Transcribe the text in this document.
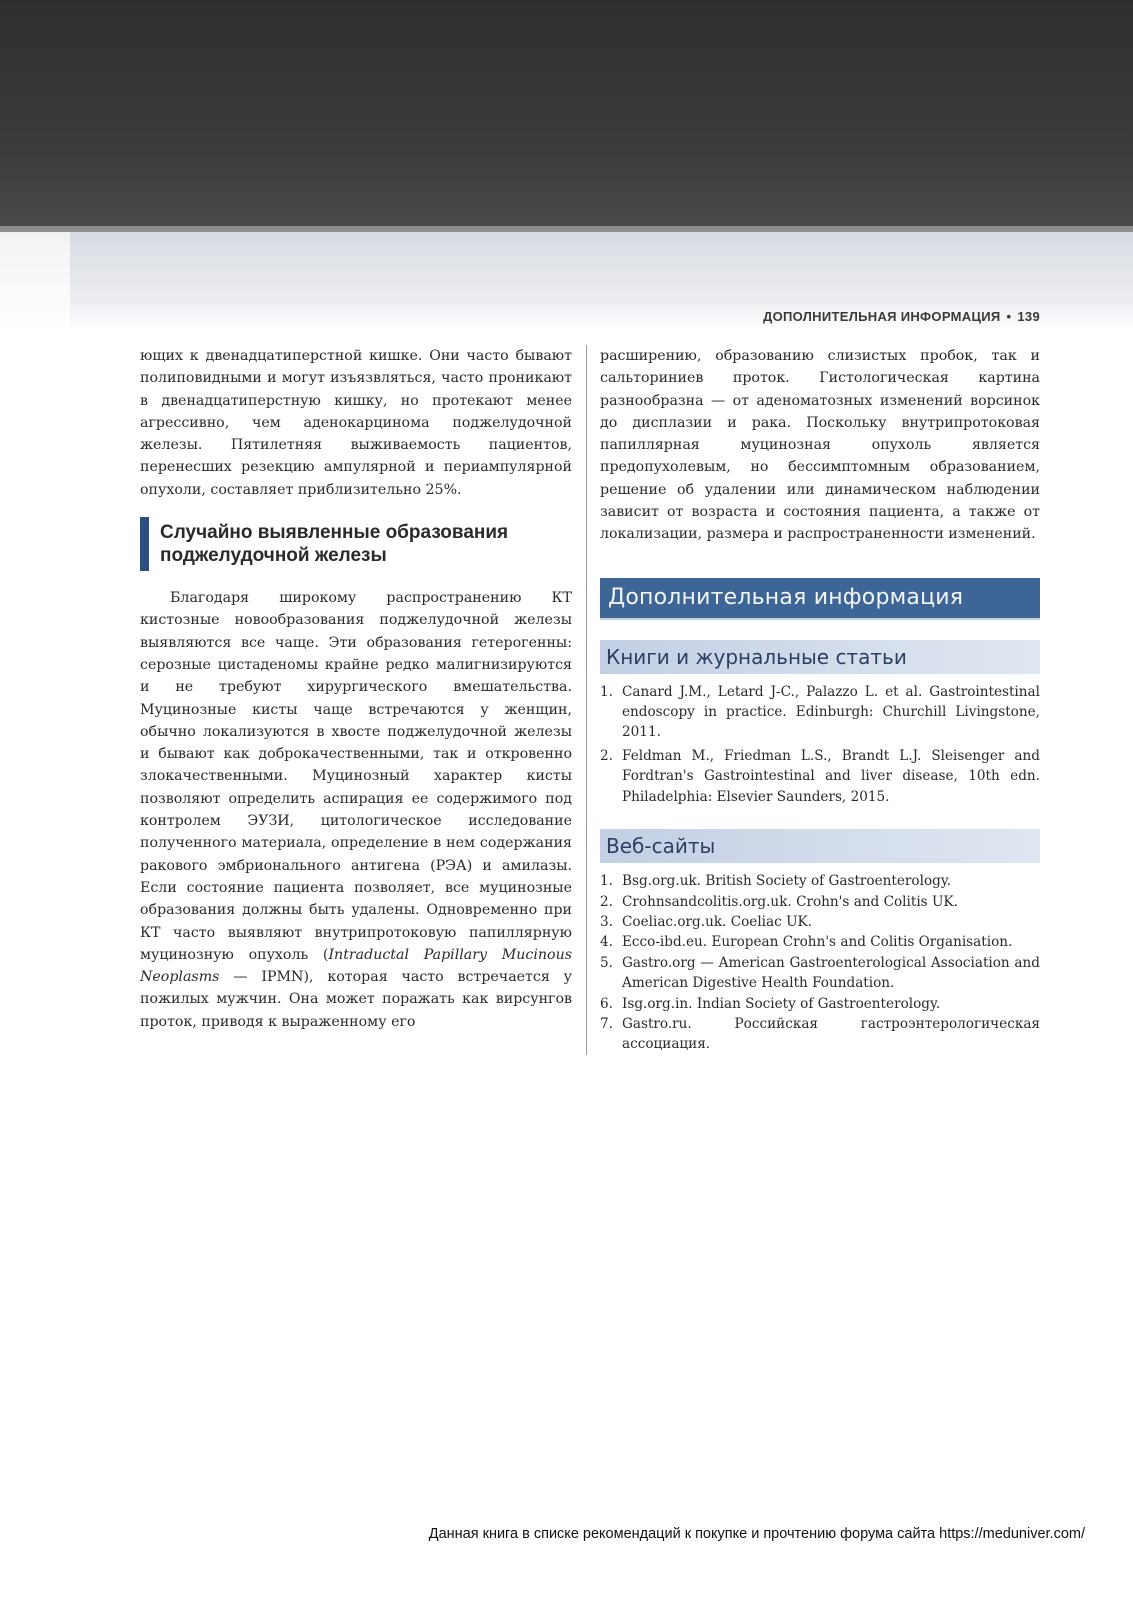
ДОПОЛНИТЕЛЬНАЯ ИНФОРМАЦИЯ • 139

ющих к двенадцатиперстной кишке. Они часто бывают полиповидными и могут изъязвляться, часто проникают в двенадцатиперстную кишку, но протекают менее агрессивно, чем аденокарцинома поджелудочной железы. Пятилетняя выживаемость пациентов, перенесших резекцию ампулярной и периампулярной опухоли, составляет приблизительно 25%.

Случайно выявленные образования поджелудочной железы

Благодаря широкому распространению КТ кистозные новообразования поджелудочной железы выявляются все чаще. Эти образования гетерогенны: серозные цистаденомы крайне редко малигнизируются и не требуют хирургического вмешательства. Муцинозные кисты чаще встречаются у женщин, обычно локализуются в хвосте поджелудочной железы и бывают как доброкачественными, так и откровенно злокачественными. Муцинозный характер кисты позволяют определить аспирация ее содержимого под контролем ЭУЗИ, цитологическое исследование полученного материала, определение в нем содержания ракового эмбрионального антигена (РЭА) и амилазы. Если состояние пациента позволяет, все муцинозные образования должны быть удалены. Одновременно при КТ часто выявляют внутрипротоковую папиллярную муцинозную опухоль (Intraductal Papillary Mucinous Neoplasms — IPMN), которая часто встречается у пожилых мужчин. Она может поражать как вирсунгов проток, приводя к выраженному его

расширению, образованию слизистых пробок, так и сальториниев проток. Гистологическая картина разнообразна — от аденоматозных изменений ворсинок до дисплазии и рака. Поскольку внутрипротоковая папиллярная муцинозная опухоль является предопухолевым, но бессимптомным образованием, решение об удалении или динамическом наблюдении зависит от возраста и состояния пациента, а также от локализации, размера и распространенности изменений.

Дополнительная информация
Книги и журнальные статьи
1. Canard J.M., Letard J-C., Palazzo L. et al. Gastrointestinal endoscopy in practice. Edinburgh: Churchill Livingstone, 2011.
2. Feldman M., Friedman L.S., Brandt L.J. Sleisenger and Fordtran's Gastrointestinal and liver disease, 10th edn. Philadelphia: Elsevier Saunders, 2015.
Веб-сайты
1. Bsg.org.uk. British Society of Gastroenterology.
2. Crohnsandcolitis.org.uk. Crohn's and Colitis UK.
3. Coeliac.org.uk. Coeliac UK.
4. Ecco-ibd.eu. European Crohn's and Colitis Organisation.
5. Gastro.org — American Gastroenterological Association and American Digestive Health Foundation.
6. Isg.org.in. Indian Society of Gastroenterology.
7. Gastro.ru. Российская гастроэнтерологическая ассоциация.
Данная книга в списке рекомендаций к покупке и прочтению форума сайта https://meduniver.com/
